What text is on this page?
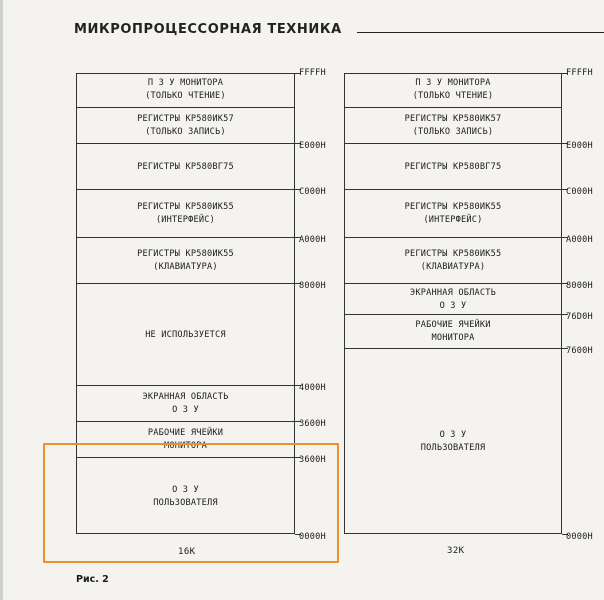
МИКРОПРОЦЕССОРНАЯ ТЕХНИКА
П З У МОНИТОРА
(ТОЛЬКО ЧТЕНИЕ)
РЕГИСТРЫ КР580ИК57
(ТОЛЬКО ЗАПИСЬ)
РЕГИСТРЫ КР580ВГ75
РЕГИСТРЫ КР580ИК55
(ИНТЕРФЕЙС)
РЕГИСТРЫ КР580ИК55
(КЛАВИАТУРА)
НЕ ИСПОЛЬЗУЕТСЯ
ЭКРАННАЯ ОБЛАСТЬ
О З У
РАБОЧИЕ ЯЧЕЙКИ
МОНИТОРА
О З У
ПОЛЬЗОВАТЕЛЯ
П З У МОНИТОРА
(ТОЛЬКО ЧТЕНИЕ)
РЕГИСТРЫ КР580ИК57
(ТОЛЬКО ЗАПИСЬ)
РЕГИСТРЫ КР580ВГ75
РЕГИСТРЫ КР580ИК55
(ИНТЕРФЕЙС)
РЕГИСТРЫ КР580ИК55
(КЛАВИАТУРА)
ЭКРАННАЯ ОБЛАСТЬ
О З У
РАБОЧИЕ ЯЧЕЙКИ
МОНИТОРА
О З У
ПОЛЬЗОВАТЕЛЯ
16К	32К
Рис. 2
FFFFH
E000H
C000H
A000H
8000H
4000H
3600H
3600H
0000H
FFFFH
E000H
C000H
A000H
8000H
76D0H
7600H
0000H
